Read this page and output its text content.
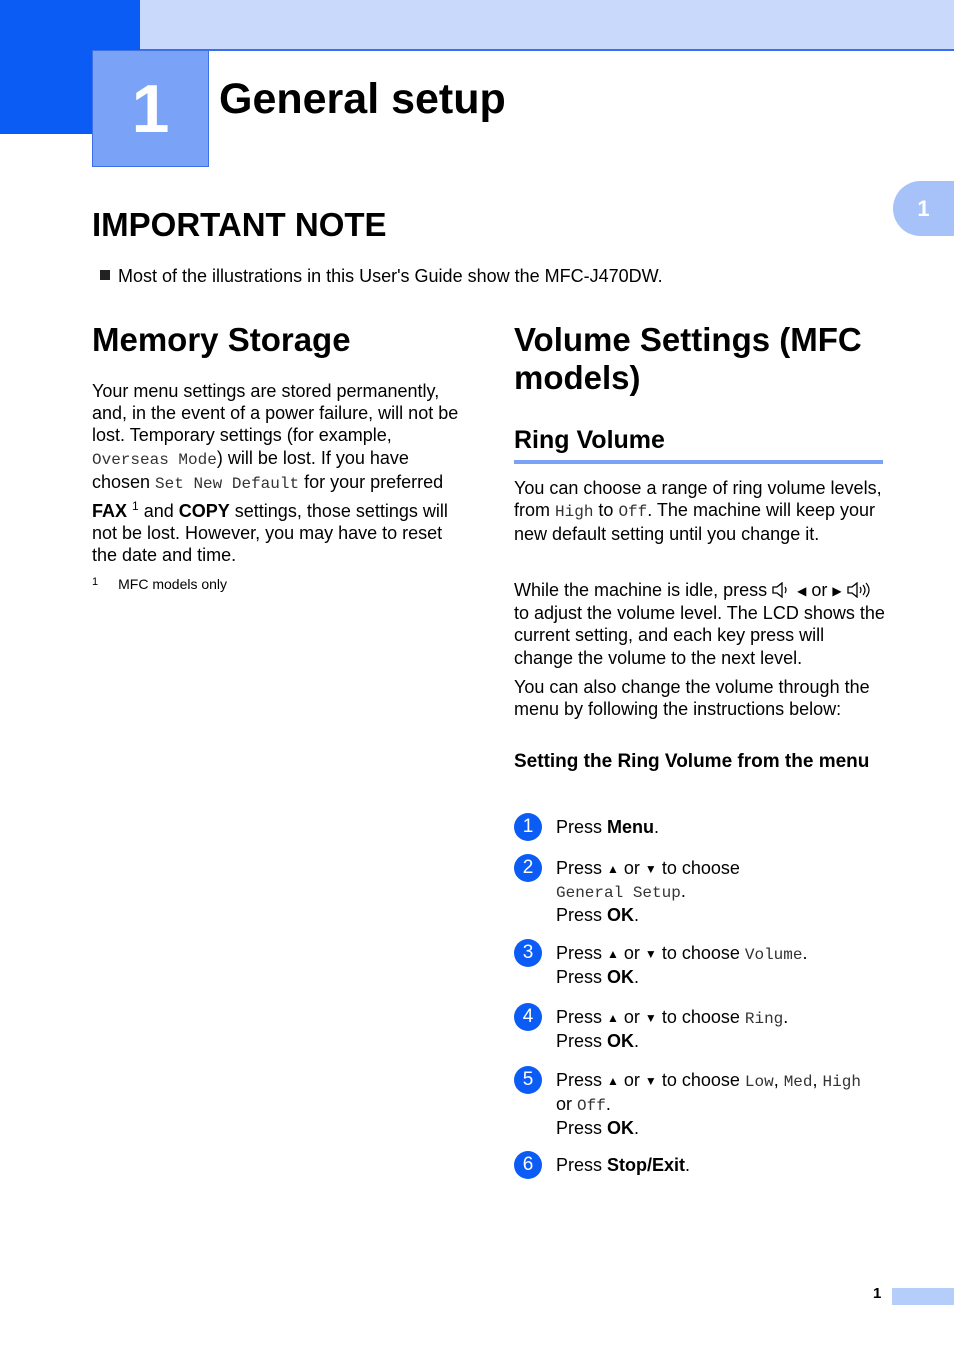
1 General setup
1
IMPORTANT NOTE

Most of the illustrations in this User's Guide show the MFC-J470DW.

Memory Storage

Your menu settings are stored permanently, and, in the event of a power failure, will not be lost. Temporary settings (for example, Overseas Mode) will be lost. If you have chosen Set New Default for your preferred FAX $^1$ and COPY settings, those settings will not be lost. However, you may have to reset the date and time.

$^1$ MFC models only

Volume Settings (MFC models)
Ring Volume

You can choose a range of ring volume levels, from High to Off. The machine will keep your new default setting until you change it.

While the machine is idle, press  ◀ or ▶  to adjust the volume level. The LCD shows the current setting, and each key press will change the volume to the next level.

You can also change the volume through the menu by following the instructions below:

Setting the Ring Volume from the menu
1	Press Menu.
2	Press ▲ or ▼ to choose
General Setup.
Press OK.
3	Press ▲ or ▼ to choose Volume.
Press OK.
4	Press ▲ or ▼ to choose Ring.
Press OK.
5	Press ▲ or ▼ to choose Low, Med, High
or Off.
Press OK.
6	Press Stop/Exit.
1
